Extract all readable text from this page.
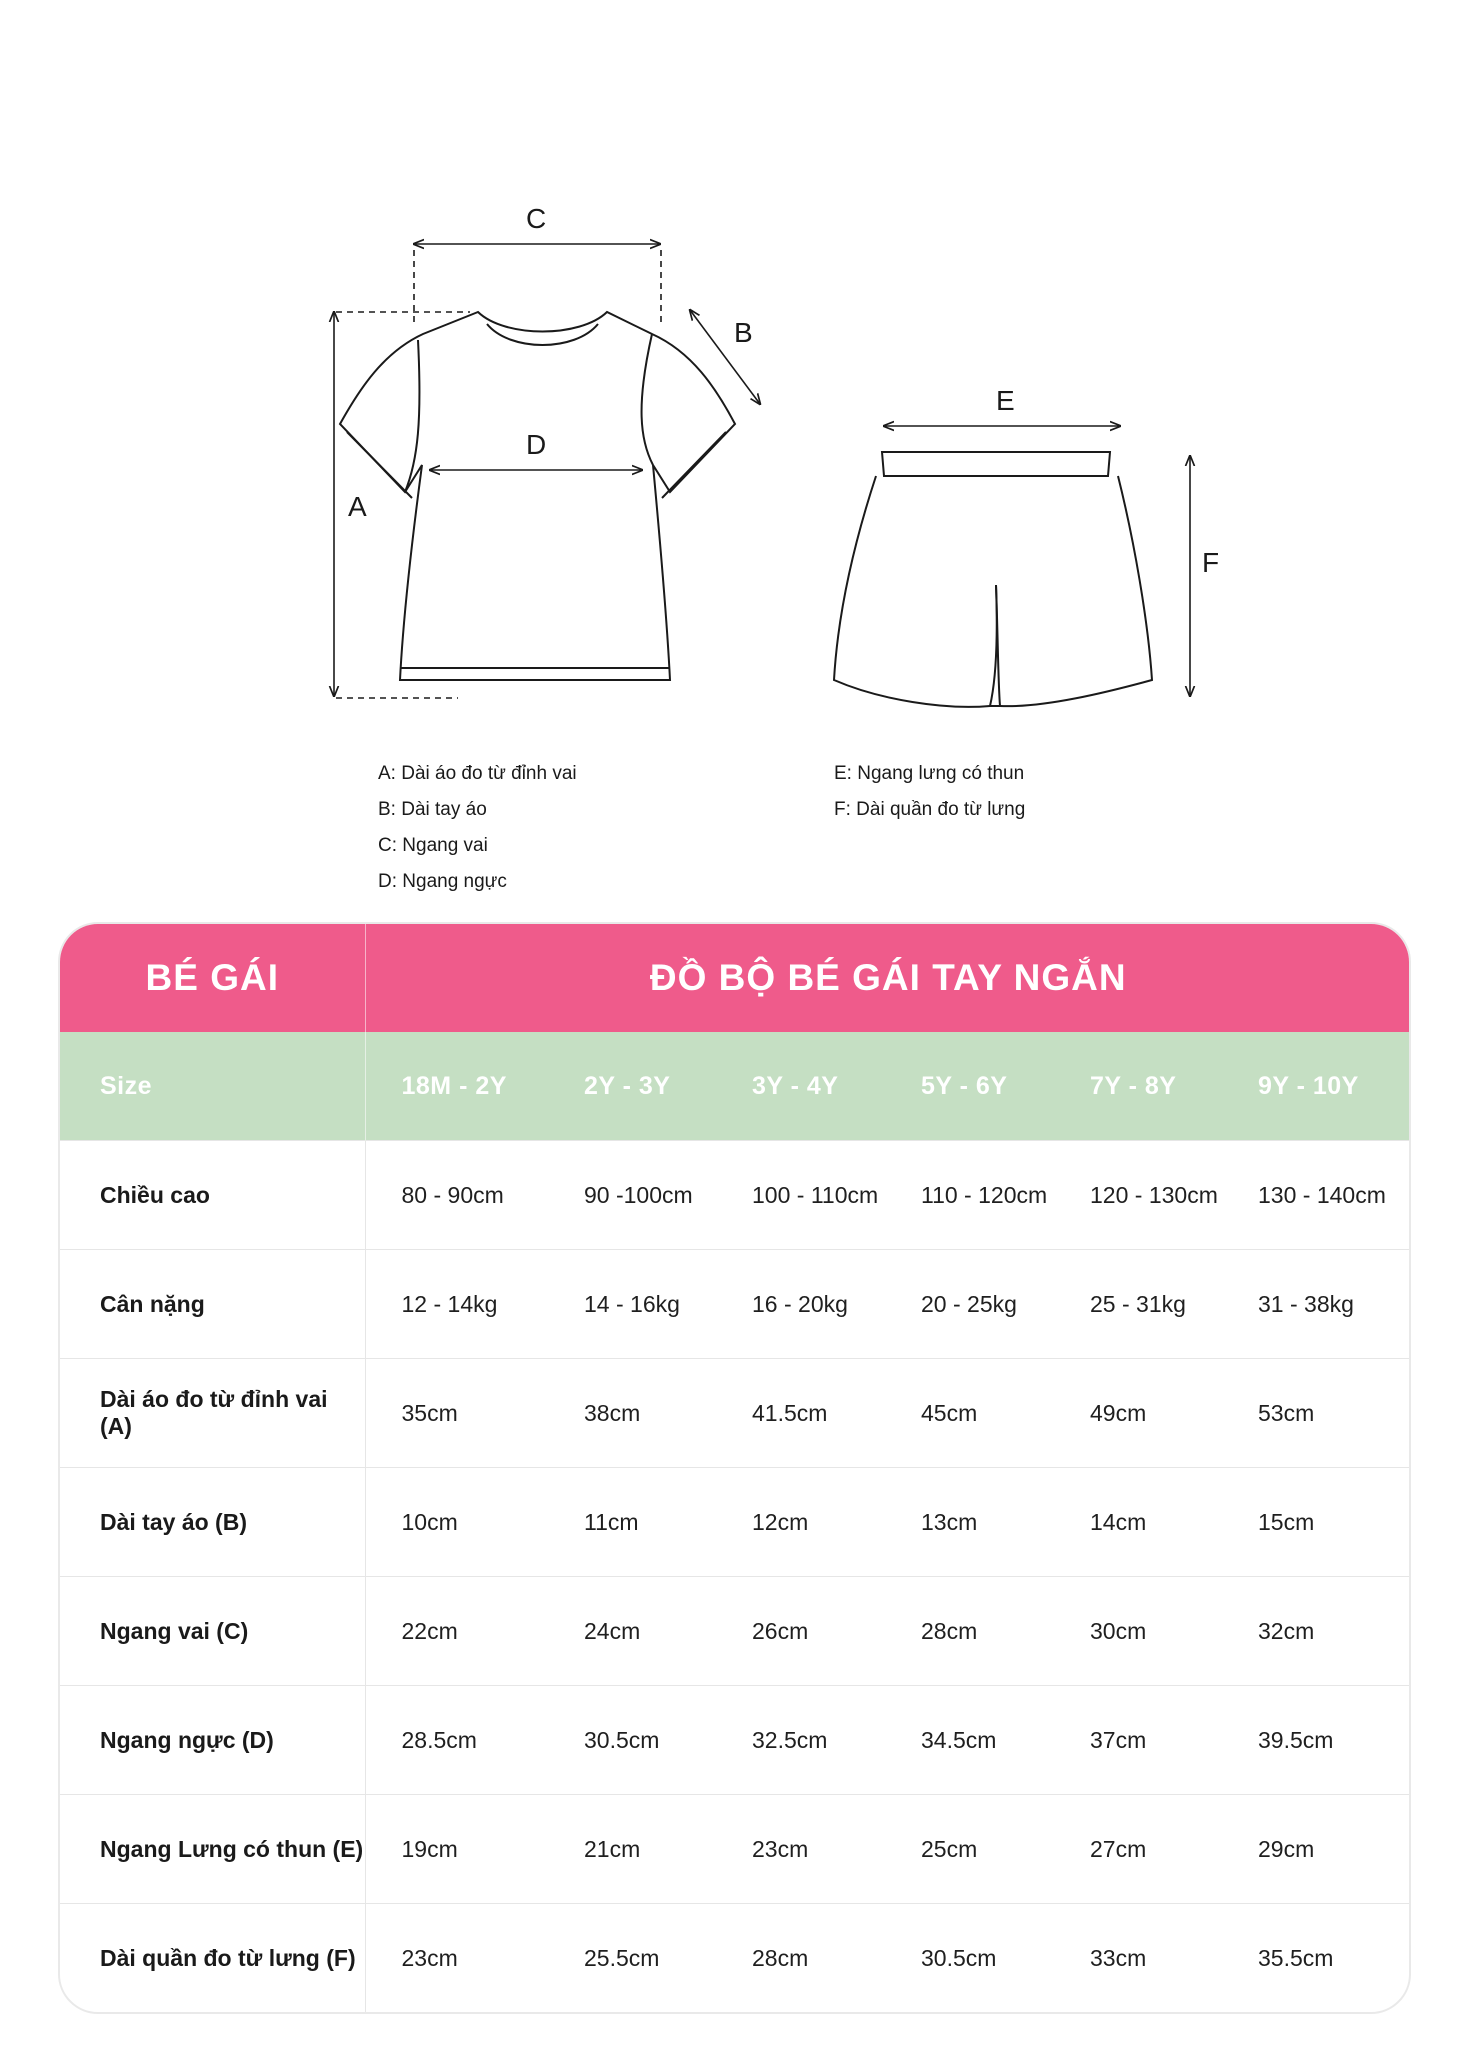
C
B
D
A
E
F
A: Dài áo đo từ đỉnh vai
B: Dài tay áo
C: Ngang vai
D: Ngang ngực
E: Ngang lưng có thun
F: Dài quần đo từ lưng
BÉ GÁI	ĐỒ BỘ BÉ GÁI TAY NGẮN					
Size	18M - 2Y	2Y - 3Y	3Y - 4Y	5Y - 6Y	7Y - 8Y	9Y - 10Y
Chiều cao	80 - 90cm	90 -100cm	100 - 110cm	110 - 120cm	120 - 130cm	130 - 140cm
Cân nặng	12 - 14kg	14 - 16kg	16 - 20kg	20 - 25kg	25 - 31kg	31 - 38kg
Dài áo đo từ đỉnh vai (A)	35cm	38cm	41.5cm	45cm	49cm	53cm
Dài tay áo (B)	10cm	11cm	12cm	13cm	14cm	15cm
Ngang vai (C)	22cm	24cm	26cm	28cm	30cm	32cm
Ngang ngực (D)	28.5cm	30.5cm	32.5cm	34.5cm	37cm	39.5cm
Ngang Lưng có thun (E)	19cm	21cm	23cm	25cm	27cm	29cm
Dài quần đo từ lưng (F)	23cm	25.5cm	28cm	30.5cm	33cm	35.5cm
